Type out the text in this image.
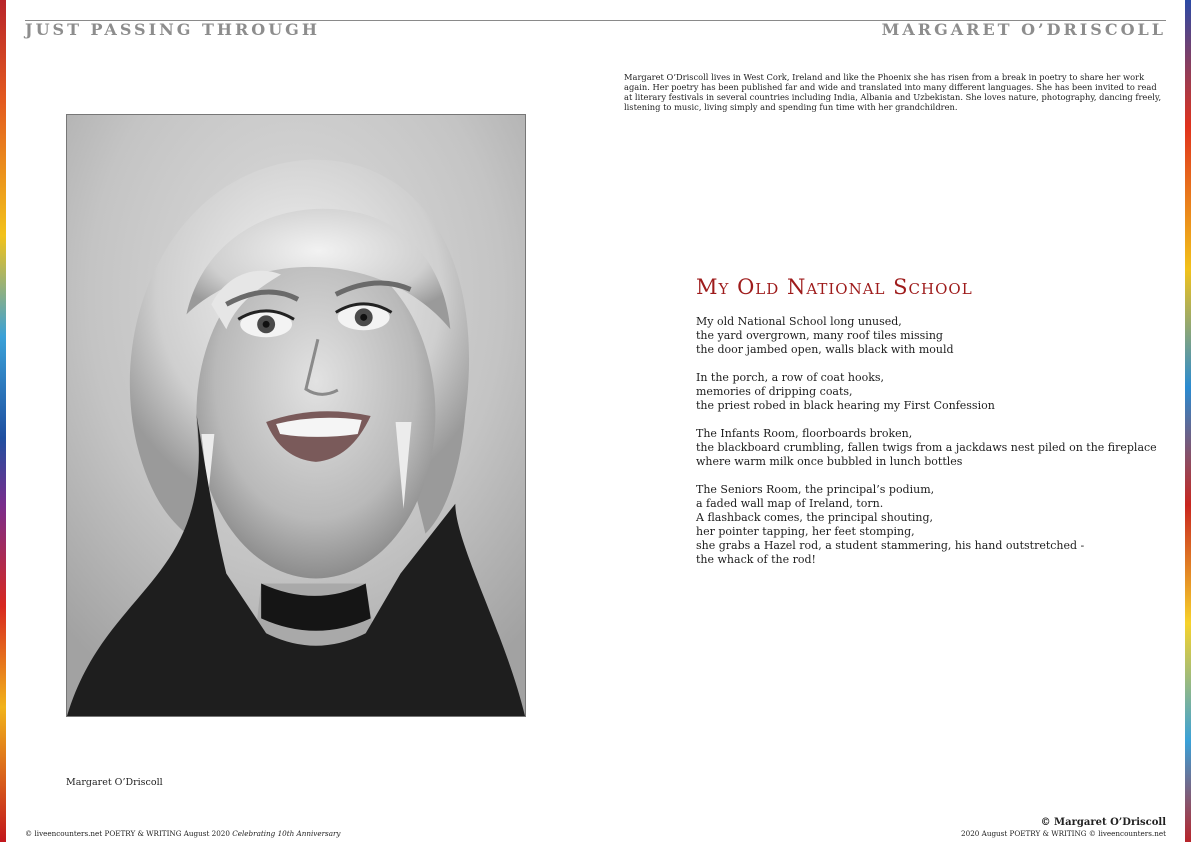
JUST PASSING THROUGH	MARGARET O’DRISCOLL

Margaret O’Driscoll lives in West Cork, Ireland and like the Phoenix she has risen from a break in poetry to share her work again. Her poetry has been published far and wide and translated into many different languages. She has been invited to read at literary festivals in several countries including India, Albania and Uzbekistan. She loves nature, photography, dancing freely, listening to music, living simply and spending fun time with her grandchildren.

Margaret O’Driscoll
My Old National School

My old National School long unused,
the yard overgrown, many roof tiles missing
the door jambed open, walls black with mould

In the porch, a row of coat hooks,
memories of dripping coats,
the priest robed in black hearing my First Confession

The Infants Room, floorboards broken,
the blackboard crumbling, fallen twigs from a jackdaws nest piled on the fireplace
where warm milk once bubbled in lunch bottles

The Seniors Room, the principal’s podium,
a faded wall map of Ireland, torn.
A flashback comes, the principal shouting,
her pointer tapping, her feet stomping,
she grabs a Hazel rod, a student stammering, his hand outstretched -
the whack of the rod!

© Margaret O’Driscoll
© liveencounters.net POETRY & WRITING August 2020 Celebrating 10th Anniversary	2020 August POETRY & WRITING © liveencounters.net
